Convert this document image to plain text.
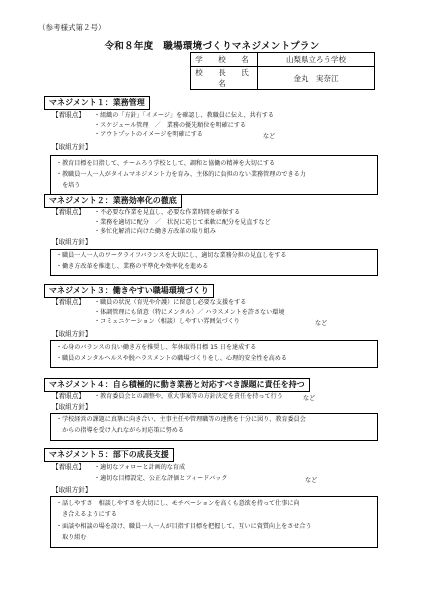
（参考様式第２号）
令和８年度　職場環境づくりマネジメントプラン
学　校　名	山梨県立ろう学校
校　長　氏　名	金丸　実奈江
マネジメント１：業務管理
【着眼点】 ・組織の「方針」「イメージ」を確認し、教職員に伝え、共有する
・スケジュール管理　／　業務の優先順位を明確にする
・アウトプットのイメージを明確にする	など
【取組方針】
・教育目標を目指して、チームろう学校として、調和と協働の精神を大切にする
・教職員一人一人がタイムマネジメント力を育み、主体的に負担のない業務管理のできる力
　を培う
マネジメント２：業務効率化の徹底
【着眼点】 ・不必要な作業を見直し、必要な作業時間を確保する
・業務を適切に配分　／　状況に応じて柔軟に配分を見直すなど
・多忙化解消に向けた働き方改革の取り組み
【取組方針】
・職員一人一人のワークライフバランスを大切にし、適切な業務分担の見直しをする
・働き方改革を推進し、業務の平準化や効率化を進める
マネジメント３：働きやすい職場環境づくり
【着眼点】 ・職員の状況（育児や介護）に留意し必要な支援をする
・体調管理にも留意（特にメンタル）／ ハラスメントを許さない環境
・コミュニケーション（相談）しやすい雰囲気づくり	など
【取組方針】
・心身のバランスの良い働き方を推奨し、年休取得目標 15 日を達成する
・職員のメンタルヘルスや脱ハラスメントの職場づくりをし、心理的安全性を高める
マネジメント４：自ら積極的に動き業務と対応すべき課題に責任を持つ
【着眼点】 ・教育委員会との調整や、重大事案等の方針決定を責任を持って行う	など
【取組方針】
・学校経営の課題に真摯に向き合い、主事主任や管理職等の連携を十分に図り、教育委員会
　からの指導を受け入れながら対応策に努める
マネジメント５：部下の成長支援
【着眼点】 ・適切なフォローと計画的な育成
・適切な目標設定、公正な評価とフィードバック	など
【取組方針】
・話しやすさ　相談しやすさを大切にし、モチベーションを高くも意欲を持って仕事に向
　き合えるようにする
・面談や相談の場を設け、職員一人一人が目指す目標を把握して、互いに資質向上をさせ合う
　取り組む
